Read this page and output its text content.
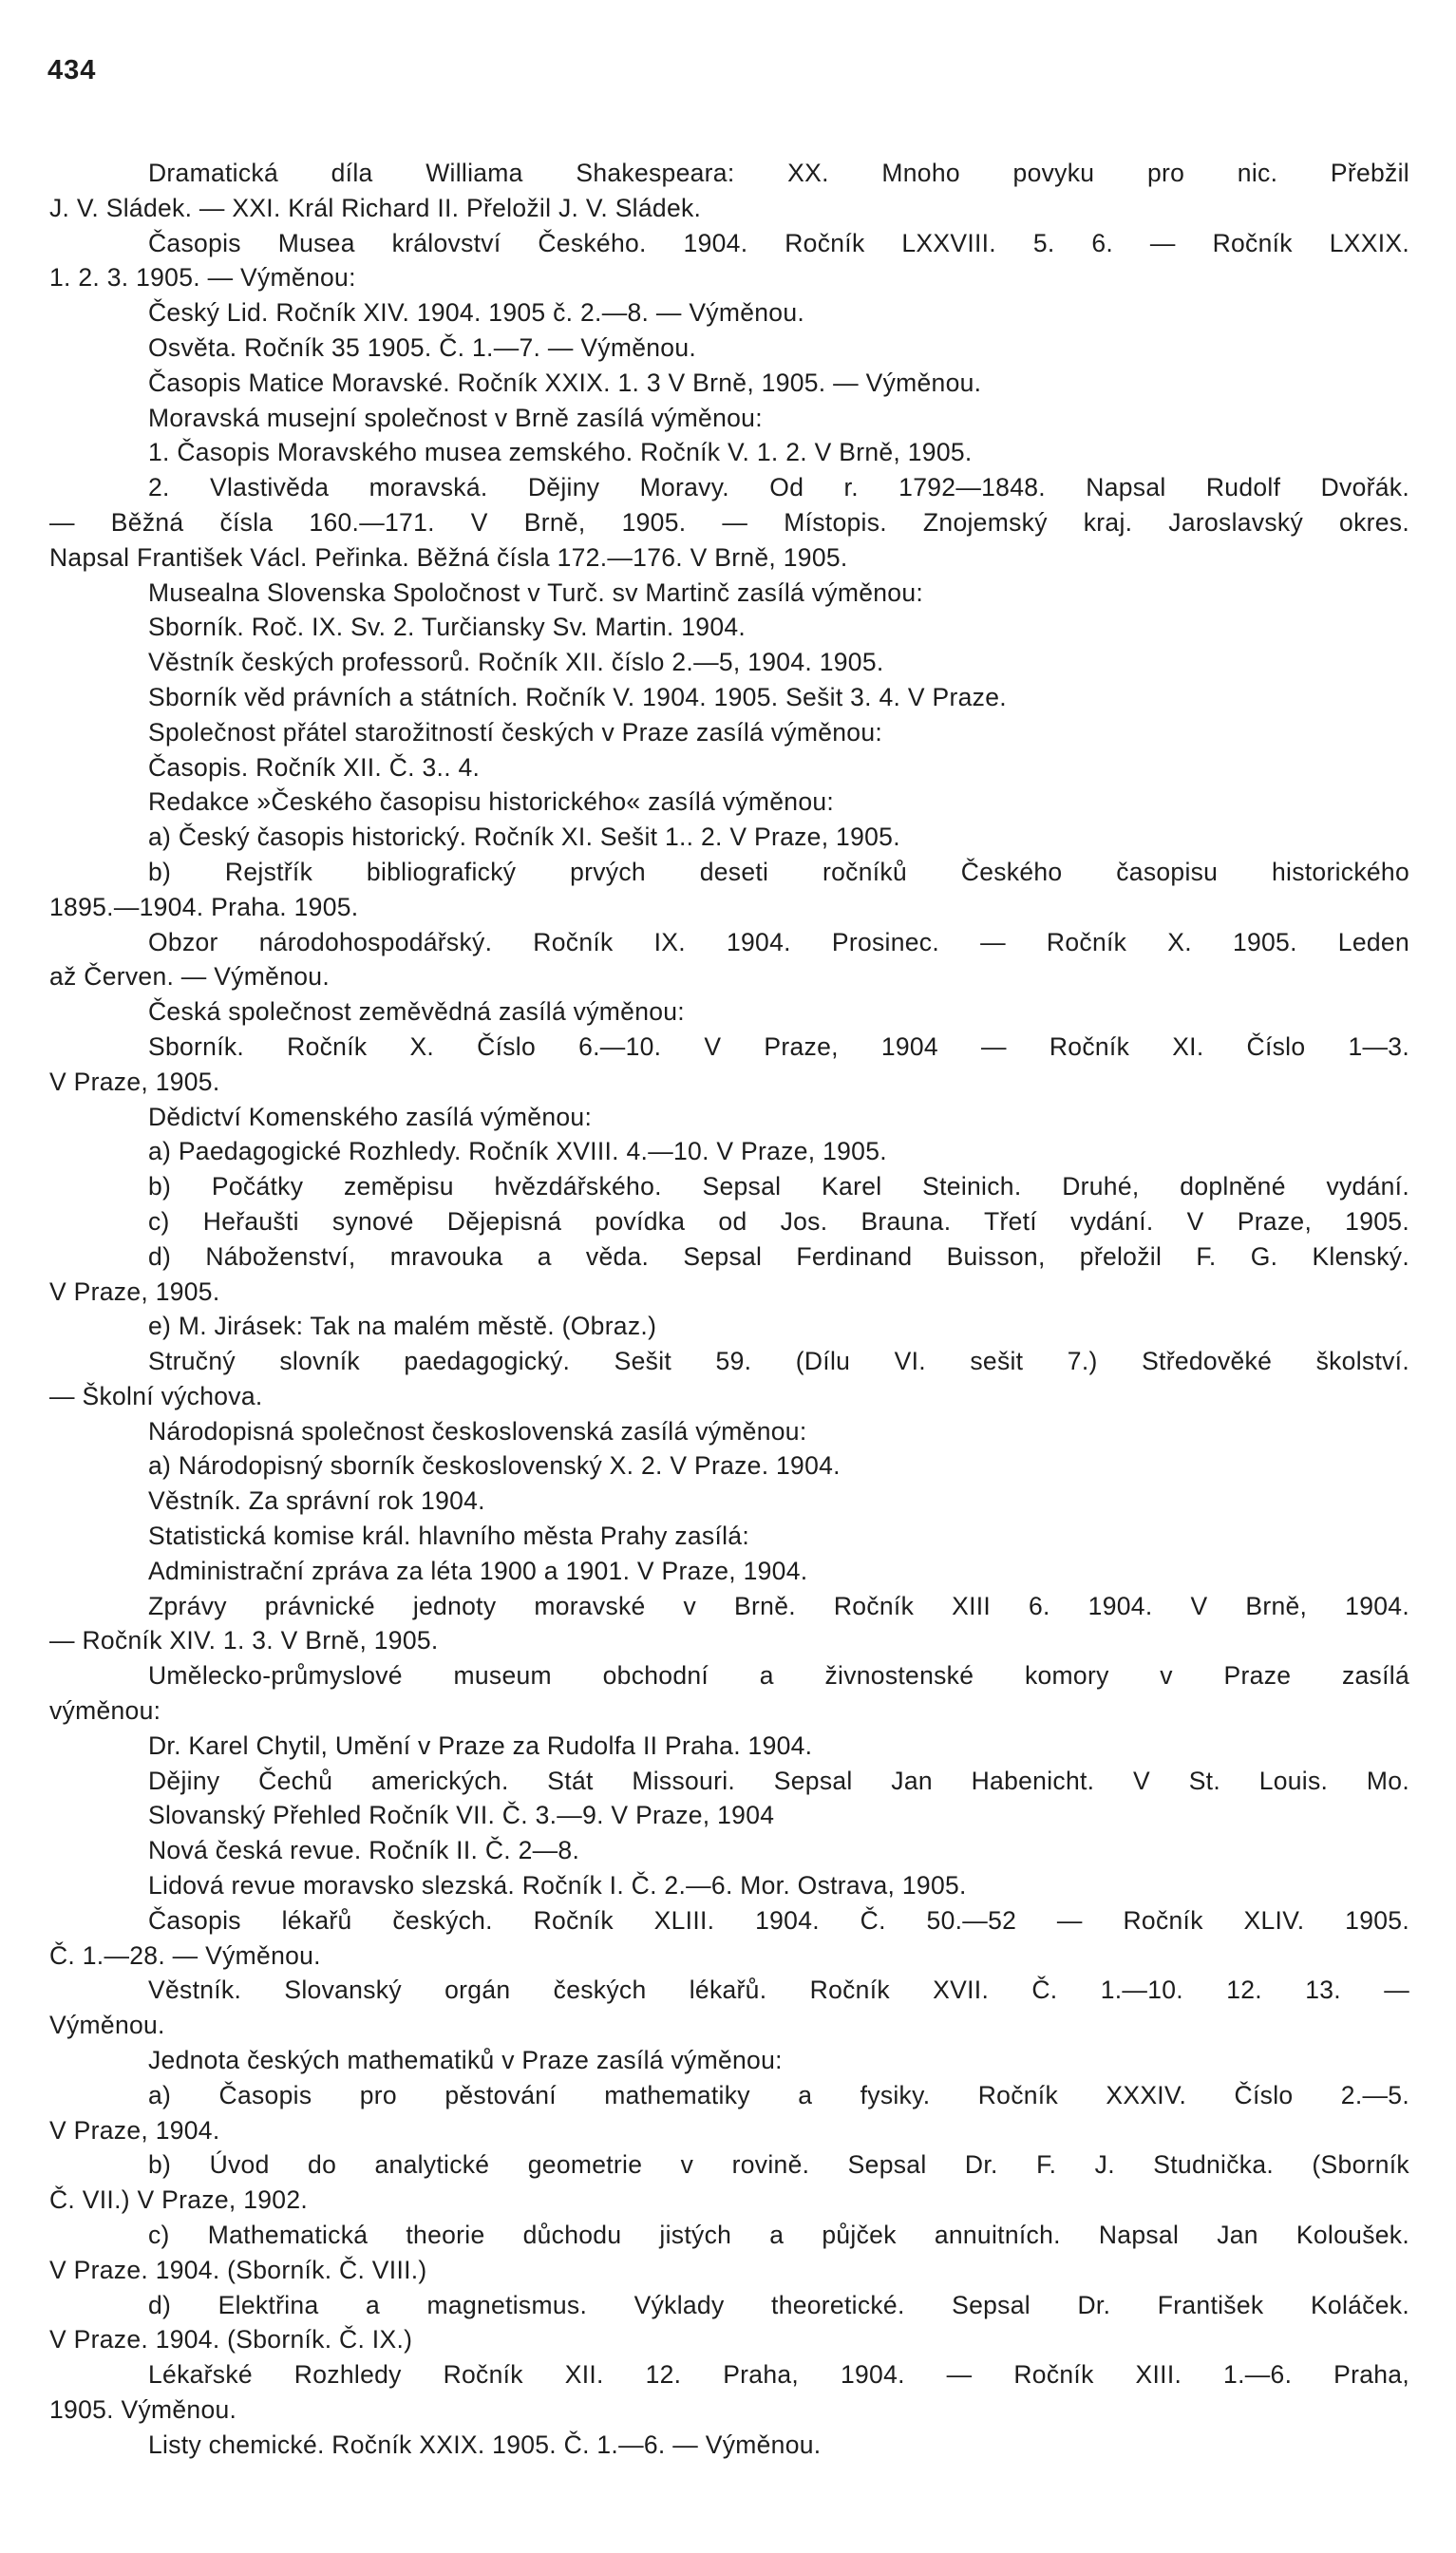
434
Dramatická díla Williama Shakespeara: XX. Mnoho povyku pro nic. Přebžil
J. V. Sládek. — XXI. Král Richard II. Přeložil J. V. Sládek.
Časopis Musea království Českého. 1904. Ročník LXXVIII. 5. 6. — Ročník LXXIX.
1. 2. 3. 1905. — Výměnou:
Český Lid. Ročník XIV. 1904. 1905 č. 2.—8. — Výměnou.
Osvěta. Ročník 35 1905. Č. 1.—7. — Výměnou.
Časopis Matice Moravské. Ročník XXIX. 1. 3 V Brně, 1905. — Výměnou.
Moravská musejní společnost v Brně zasílá výměnou:
1. Časopis Moravského musea zemského. Ročník V. 1. 2. V Brně, 1905.
2. Vlastivěda moravská. Dějiny Moravy. Od r. 1792—1848. Napsal Rudolf Dvořák.
— Běžná čísla 160.—171. V Brně, 1905. — Místopis. Znojemský kraj. Jaroslavský okres.
Napsal František Václ. Peřinka. Běžná čísla 172.—176. V Brně, 1905.
Musealna Slovenska Spoločnost v Turč. sv Martinč zasílá výměnou:
Sborník. Roč. IX. Sv. 2. Turčiansky Sv. Martin. 1904.
Věstník českých professorů. Ročník XII. číslo 2.—5, 1904. 1905.
Sborník věd právních a státních. Ročník V. 1904. 1905. Sešit 3. 4. V Praze.
Společnost přátel starožitností českých v Praze zasílá výměnou:
Časopis. Ročník XII. Č. 3.. 4.
Redakce »Českého časopisu historického« zasílá výměnou:
a) Český časopis historický. Ročník XI. Sešit 1.. 2. V Praze, 1905.
b) Rejstřík bibliografický prvých deseti ročníků Českého časopisu historického
1895.—1904. Praha. 1905.
Obzor národohospodářský. Ročník IX. 1904. Prosinec. — Ročník X. 1905. Leden
až Červen. — Výměnou.
Česká společnost zeměvědná zasílá výměnou:
Sborník. Ročník X. Číslo 6.—10. V Praze, 1904 — Ročník XI. Číslo 1—3.
V Praze, 1905.
Dědictví Komenského zasílá výměnou:
a) Paedagogické Rozhledy. Ročník XVIII. 4.—10. V Praze, 1905.
b) Počátky zeměpisu hvězdářského. Sepsal Karel Steinich. Druhé, doplněné vydání.
c) Heřaušti synové Dějepisná povídka od Jos. Brauna. Třetí vydání. V Praze, 1905.
d) Náboženství, mravouka a věda. Sepsal Ferdinand Buisson, přeložil F. G. Klenský.
V Praze, 1905.
e) M. Jirásek: Tak na malém městě. (Obraz.)
Stručný slovník paedagogický. Sešit 59. (Dílu VI. sešit 7.) Středověké školství.
— Školní výchova.
Národopisná společnost československá zasílá výměnou:
a) Národopisný sborník československý X. 2. V Praze. 1904.
Věstník. Za správní rok 1904.
Statistická komise král. hlavního města Prahy zasílá:
Administrační zpráva za léta 1900 a 1901. V Praze, 1904.
Zprávy právnické jednoty moravské v Brně. Ročník XIII 6. 1904. V Brně, 1904.
— Ročník XIV. 1. 3. V Brně, 1905.
Umělecko-průmyslové museum obchodní a živnostenské komory v Praze zasílá
výměnou:
Dr. Karel Chytil, Umění v Praze za Rudolfa II Praha. 1904.
Dějiny Čechů amerických. Stát Missouri. Sepsal Jan Habenicht. V St. Louis. Mo.
Slovanský Přehled Ročník VII. Č. 3.—9. V Praze, 1904
Nová česká revue. Ročník II. Č. 2—8.
Lidová revue moravsko slezská. Ročník I. Č. 2.—6. Mor. Ostrava, 1905.
Časopis lékařů českých. Ročník XLIII. 1904. Č. 50.—52 — Ročník XLIV. 1905.
Č. 1.—28. — Výměnou.
Věstník. Slovanský orgán českých lékařů. Ročník XVII. Č. 1.—10. 12. 13. —
Výměnou.
Jednota českých mathematiků v Praze zasílá výměnou:
a) Časopis pro pěstování mathematiky a fysiky. Ročník XXXIV. Číslo 2.—5.
V Praze, 1904.
b) Úvod do analytické geometrie v rovině. Sepsal Dr. F. J. Studnička. (Sborník
Č. VII.) V Praze, 1902.
c) Mathematická theorie důchodu jistých a půjček annuitních. Napsal Jan Koloušek.
V Praze. 1904. (Sborník. Č. VIII.)
d) Elektřina a magnetismus. Výklady theoretické. Sepsal Dr. František Koláček.
V Praze. 1904. (Sborník. Č. IX.)
Lékařské Rozhledy Ročník XII. 12. Praha, 1904. — Ročník XIII. 1.—6. Praha,
1905. Výměnou.
Listy chemické. Ročník XXIX. 1905. Č. 1.—6. — Výměnou.
